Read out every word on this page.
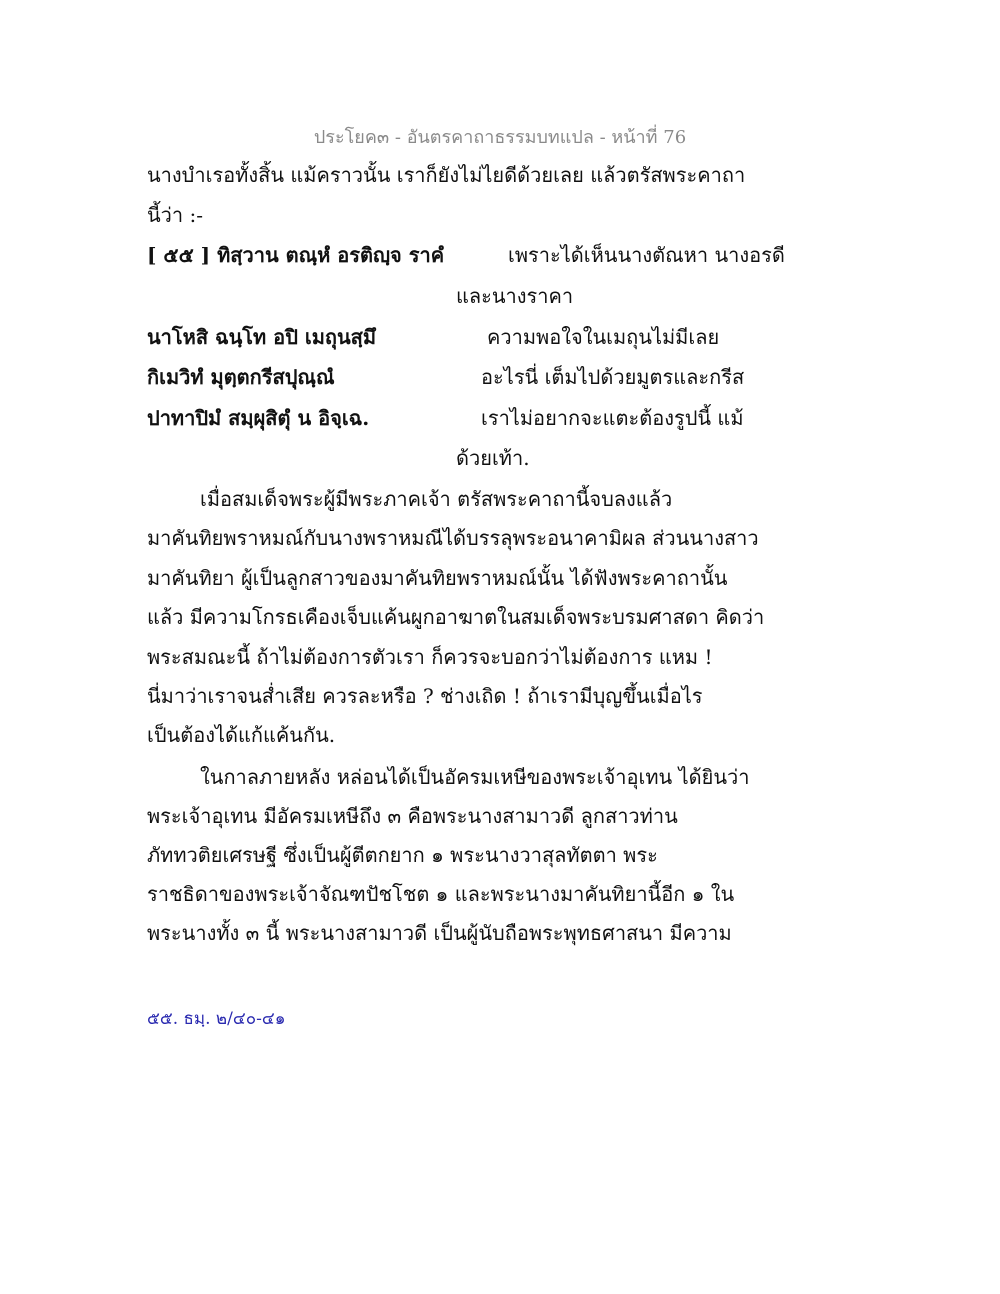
ประโยค๓ - อันตรคาถาธรรมบทแปล - หน้าที่ 76
นางบำเรอทั้งสิ้น แม้คราวนั้น เราก็ยังไม่ไยดีด้วยเลย แล้วตรัสพระคาถา
นี้ว่า :-
[ ๕๕ ] ทิสฺวาน ตณฺหํ อรติญฺจ ราคํ	เพราะได้เห็นนางตัณหา นางอรดี
และนางราคา
นาโหสิ ฉนฺโท อปิ เมถุนสฺมึ	ความพอใจในเมถุนไม่มีเลย
กิเมวิทํ มุตฺตกรีสปุณฺณํ	อะไรนี่ เต็มไปด้วยมูตรและกรีส
ปาทาปิมํ สมฺผุสิตุํ น อิจฺเฉ.	เราไม่อยากจะแตะต้องรูปนี้ แม้
ด้วยเท้า.
เมื่อสมเด็จพระผู้มีพระภาคเจ้า ตรัสพระคาถานี้จบลงแล้ว
มาคันทิยพราหมณ์กับนางพราหมณีได้บรรลุพระอนาคามิผล ส่วนนางสาว
มาคันทิยา ผู้เป็นลูกสาวของมาคันทิยพราหมณ์นั้น ได้ฟังพระคาถานั้น
แล้ว มีความโกรธเคืองเจ็บแค้นผูกอาฆาตในสมเด็จพระบรมศาสดา คิดว่า
พระสมณะนี้ ถ้าไม่ต้องการตัวเรา ก็ควรจะบอกว่าไม่ต้องการ แหม !
นี่มาว่าเราจนส่ำเสีย ควรละหรือ ? ช่างเถิด ! ถ้าเรามีบุญขึ้นเมื่อไร
เป็นต้องได้แก้แค้นกัน.
ในกาลภายหลัง หล่อนได้เป็นอัครมเหษีของพระเจ้าอุเทน ได้ยินว่า
พระเจ้าอุเทน มีอัครมเหษีถึง ๓ คือพระนางสามาวดี ลูกสาวท่าน
ภัททวติยเศรษฐี ซึ่งเป็นผู้ตีตกยาก ๑ พระนางวาสุลทัตตา พระ
ราชธิดาของพระเจ้าจัณฑปัชโชต ๑ และพระนางมาคันทิยานี้อีก ๑ ใน
พระนางทั้ง ๓ นี้ พระนางสามาวดี เป็นผู้นับถือพระพุทธศาสนา มีความ
๕๕. ธมฺ. ๒/๔๐-๔๑
